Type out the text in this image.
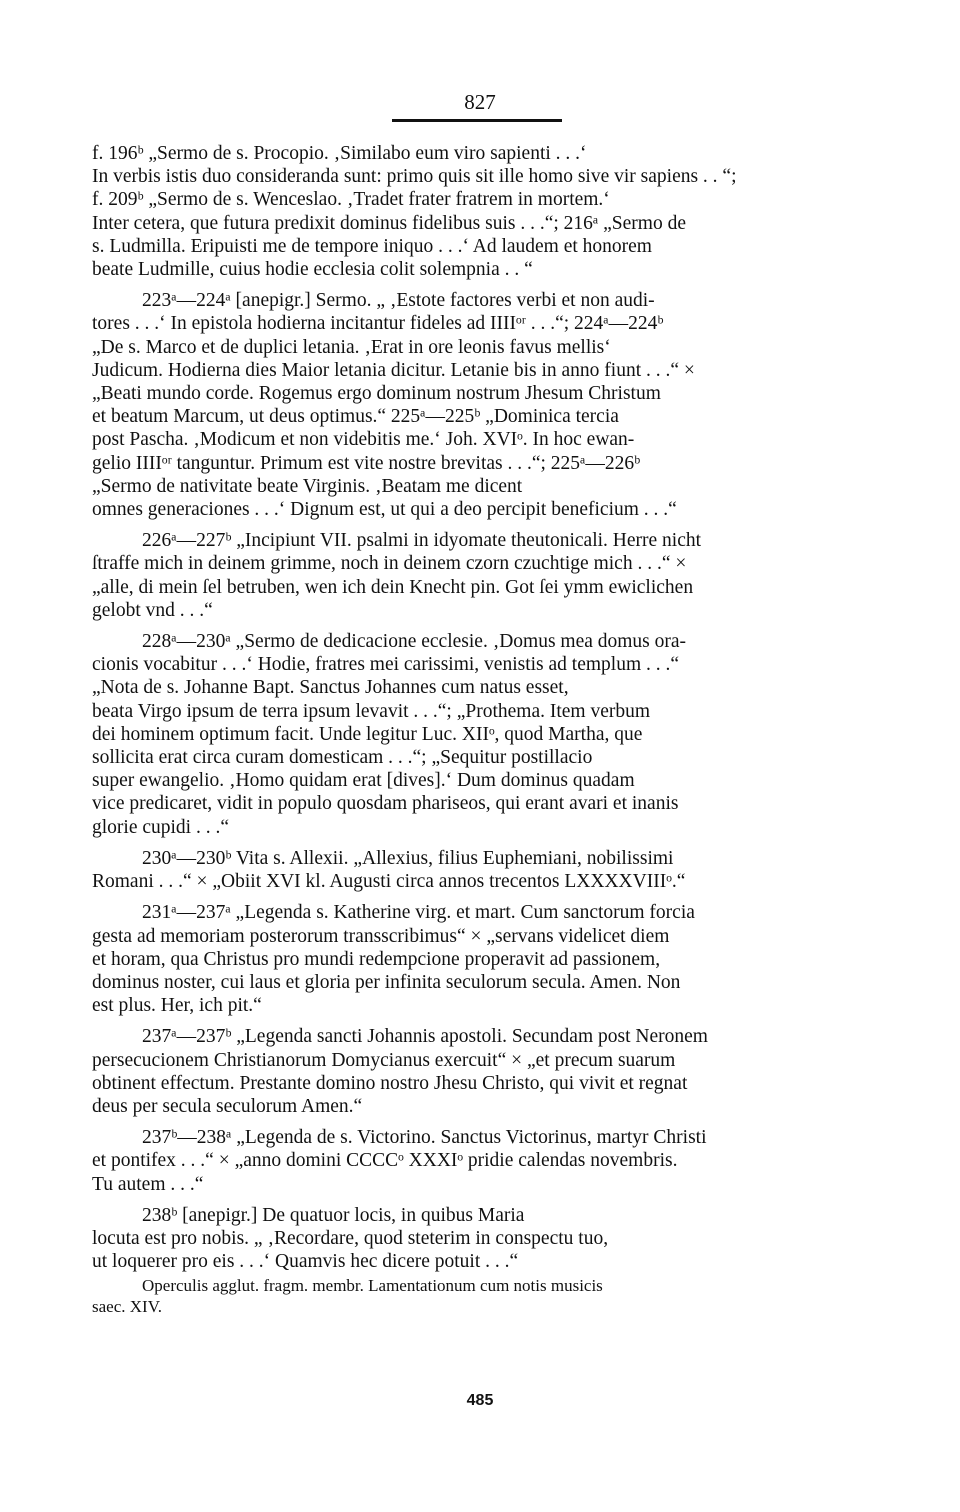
827
f. 196ᵇ „Sermo de s. Procopio. ‚Similabo eum viro sapienti . . .‘
In verbis istis duo consideranda sunt: primo quis sit ille homo sive vir sapiens . . “;
f. 209ᵇ „Sermo de s. Wenceslao. ‚Tradet frater fratrem in mortem.‘
Inter cetera, que futura predixit dominus fidelibus suis . . .“; 216ᵃ „Sermo de
s. Ludmilla. Eripuisti me de tempore iniquo . . .‘ Ad laudem et honorem
beate Ludmille, cuius hodie ecclesia colit solempnia . . “
223ᵃ—224ᵃ [anepigr.] Sermo. „ ‚Estote factores verbi et non audi-
tores . . .‘ In epistola hodierna incitantur fideles ad IIIIᵒʳ . . .“; 224ᵃ—224ᵇ
„De s. Marco et de duplici letania. ‚Erat in ore leonis favus mellis‘
Judicum. Hodierna dies Maior letania dicitur. Letanie bis in anno fiunt . . .“ ×
„Beati mundo corde. Rogemus ergo dominum nostrum Jhesum Christum
et beatum Marcum, ut deus optimus.“ 225ᵃ—225ᵇ „Dominica tercia
post Pascha. ‚Modicum et non videbitis me.‘ Joh. XVIᵒ. In hoc ewan-
gelio IIIIᵒʳ tanguntur. Primum est vite nostre brevitas . . .“; 225ᵃ—226ᵇ
„Sermo de nativitate beate Virginis. ‚Beatam me dicent
omnes generaciones . . .‘ Dignum est, ut qui a deo percipit beneficium . . .“
226ᵃ—227ᵇ „Incipiunt VII. psalmi in idyomate theutonicali. Herre nicht
ſtraffe mich in deinem grimme, noch in deinem czorn czuchtige mich . . .“ ×
„alle, di mein ſel betruben, wen ich dein Knecht pin. Got ſei ymm ewiclichen
gelobt vnd . . .“
228ᵃ—230ᵃ „Sermo de dedicacione ecclesie. ‚Domus mea domus ora-
cionis vocabitur . . .‘ Hodie, fratres mei carissimi, venistis ad templum . . .“
„Nota de s. Johanne Bapt. Sanctus Johannes cum natus esset,
beata Virgo ipsum de terra ipsum levavit . . .“; „Prothema. Item verbum
dei hominem optimum facit. Unde legitur Luc. XIIᵒ, quod Martha, que
sollicita erat circa curam domesticam . . .“; „Sequitur postillacio
super ewangelio. ‚Homo quidam erat [dives].‘ Dum dominus quadam
vice predicaret, vidit in populo quosdam phariseos, qui erant avari et inanis
glorie cupidi . . .“
230ᵃ—230ᵇ Vita s. Allexii. „Allexius, filius Euphemiani, nobilissimi
Romani . . .“ × „Obiit XVI kl. Augusti circa annos trecentos LXXXXVIIIᵒ.“
231ᵃ—237ᵃ „Legenda s. Katherine virg. et mart. Cum sanctorum forcia
gesta ad memoriam posterorum transscribimus“ × „servans videlicet diem
et horam, qua Christus pro mundi redempcione properavit ad passionem,
dominus noster, cui laus et gloria per infinita seculorum secula. Amen. Non
est plus. Her, ich pit.“
237ᵃ—237ᵇ „Legenda sancti Johannis apostoli. Secundam post Neronem
persecucionem Christianorum Domycianus exercuit“ × „et precum suarum
obtinent effectum. Prestante domino nostro Jhesu Christo, qui vivit et regnat
deus per secula seculorum Amen.“
237ᵇ—238ᵃ „Legenda de s. Victorino. Sanctus Victorinus, martyr Christi
et pontifex . . .“ × „anno domini CCCCᵒ XXXIᵒ pridie calendas novembris.
Tu autem . . .“
238ᵇ [anepigr.] De quatuor locis, in quibus Maria
locuta est pro nobis. „ ‚Recordare, quod steterim in conspectu tuo,
ut loquerer pro eis . . .‘ Quamvis hec dicere potuit . . .“
Operculis agglut. fragm. membr. Lamentationum cum notis musicis
saec. XIV.
485
